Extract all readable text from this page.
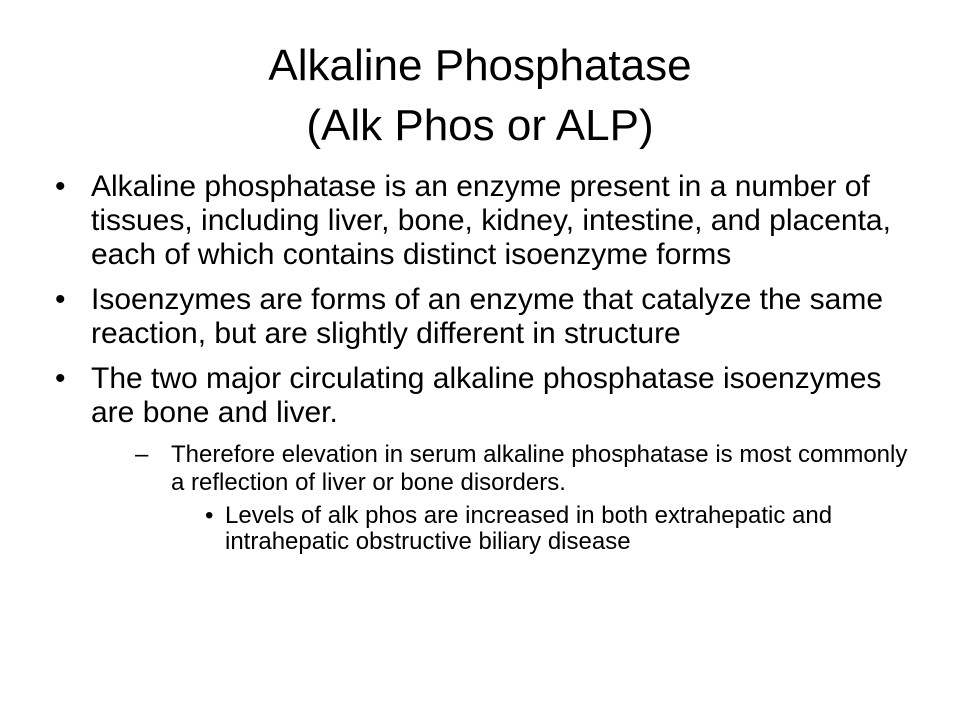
Alkaline Phosphatase
(Alk Phos or ALP)
• Alkaline phosphatase is an enzyme present in a number of tissues, including liver, bone, kidney, intestine, and placenta, each of which contains distinct isoenzyme forms
• Isoenzymes are forms of an enzyme that catalyze the same reaction, but are slightly different in structure
• The two major circulating alkaline phosphatase isoenzymes are bone and liver.
– Therefore elevation in serum alkaline phosphatase is most commonly a reflection of liver or bone disorders.
• Levels of alk phos are increased in both extrahepatic and intrahepatic obstructive biliary disease
